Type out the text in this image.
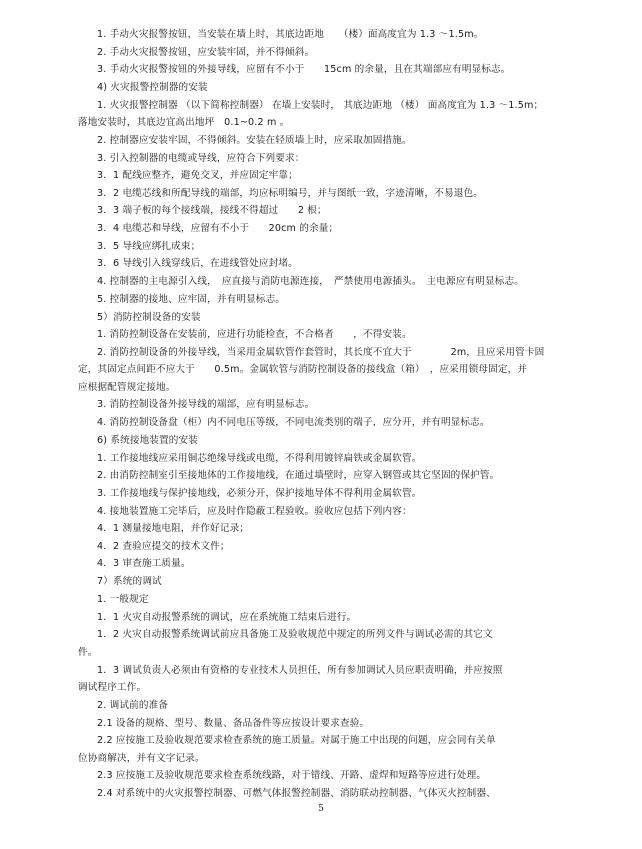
1. 手动火灾报警按钮，当安装在墙上时，其底边距地　　（楼）面高度宜为 1.3 ～1.5m。
2. 手动火灾报警按钮，应安装牢固，并不得倾斜。
3. 手动火灾报警按钮的外接导线，应留有不小于　　15cm 的余量，且在其端部应有明显标志。
4) 火灾报警控制器的安装
1. 火灾报警控制器 （以下简称控制器） 在墙上安装时， 其底边距地 （楼） 面高度宜为 1.3 ～1.5m；
落地安装时，其底边宜高出地坪　0.1~0.2 m 。
2. 控制器应安装牢固，不得倾斜。安装在轻质墙上时，应采取加固措施。
3. 引入控制器的电缆或导线，应符合下列要求：
3．1 配线应整齐，避免交叉，并应固定牢靠；
3．2 电缆芯线和所配导线的端部，均应标明编号，并与图纸一致，字迹清晰，不易退色。
3．3 端子板的每个接线端，接线不得超过　　2 根；
3．4 电缆芯和导线，应留有不小于　　20cm 的余量；
3．5 导线应绑扎成束；
3．6 导线引入线穿线后，在进线管处应封堵。
4. 控制器的主电源引入线，　应直接与消防电源连接，　严禁使用电源插头。　主电源应有明显标志。
5. 控制器的接地、应牢固，并有明显标志。
5）消防控制设备的安装
1. 消防控制设备在安装前，应进行功能检查，不合格者　　，不得安装。
2. 消防控制设备的外接导线，当采用金属软管作套管时，其长度不宜大于　　　　2m，且应采用管卡固
定，其固定点间距不应大于　　0.5m。金属软管与消防控制设备的接线盒（箱）　，应采用锁母固定，并
应根据配管规定接地。
3. 消防控制设备外接导线的端部，应有明显标志。
4. 消防控制设备盘（柜）内不同电压等级，不同电流类别的端子，应分开，并有明显标志。
6) 系统接地装置的安装
1. 工作接地线应采用铜芯绝缘导线或电缆，不得利用镀锌扁铁或金属软管。
2. 由消防控制室引至接地体的工作接地线，在通过墙壁时，应穿入钢管或其它坚固的保护管。
3. 工作接地线与保护接地线，必须分开，保护接地导体不得利用金属软管。
4. 接地装置施工完毕后，应及时作隐蔽工程验收。验收应包括下列内容：
4．1 测量接地电阻，并作好记录；
4．2 查验应提交的技术文件；
4．3 审查施工质量。
7）系统的调试
1. 一般规定
1．1 火灾自动报警系统的调试，应在系统施工结束后进行。
1．2 火灾自动报警系统调试前应具备施工及验收规范中规定的所列文件与调试必需的其它文
件。
1．3 调试负责人必须由有资格的专业技术人员担任，所有参加调试人员应职责明确，并应按照
调试程序工作。
2. 调试前的准备
2.1 设备的规格、型号、数量、备品备件等应按设计要求查验。
2.2 应按施工及验收规范要求检查系统的施工质量。对属于施工中出现的问题，应会同有关单
位协商解决，并有文字记录。
2.3 应按施工及验收规范要求检查系统线路，对于错线、开路、虚焊和短路等应进行处理。
2.4 对系统中的火灾报警控制器、可燃气体报警控制器、消防联动控制器、气体灭火控制器、
5
